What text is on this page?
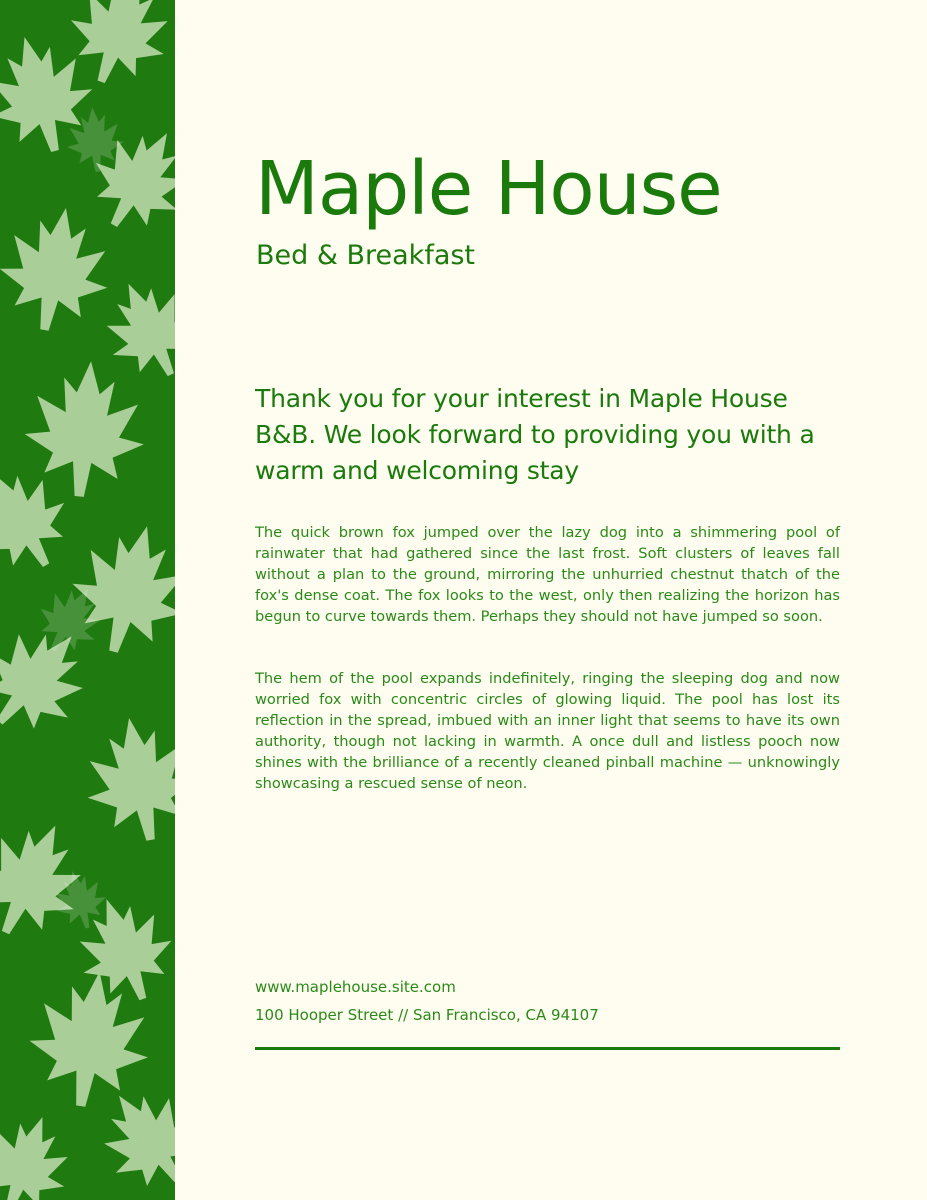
Maple House
Bed & Breakfast

Thank you for your interest in Maple House B&B. We look forward to providing you with a warm and welcoming stay

The quick brown fox jumped over the lazy dog into a shimmering pool of rainwater that had gathered since the last frost. Soft clusters of leaves fall without a plan to the ground, mirroring the unhurried chestnut thatch of the fox's dense coat. The fox looks to the west, only then realizing the horizon has begun to curve towards them. Perhaps they should not have jumped so soon.

The hem of the pool expands indefinitely, ringing the sleeping dog and now worried fox with concentric circles of glowing liquid. The pool has lost its reflection in the spread, imbued with an inner light that seems to have its own authority, though not lacking in warmth. A once dull and listless pooch now shines with the brilliance of a recently cleaned pinball machine — unknowingly showcasing a rescued sense of neon.

www.maplehouse.site.com
100 Hooper Street // San Francisco, CA 94107
